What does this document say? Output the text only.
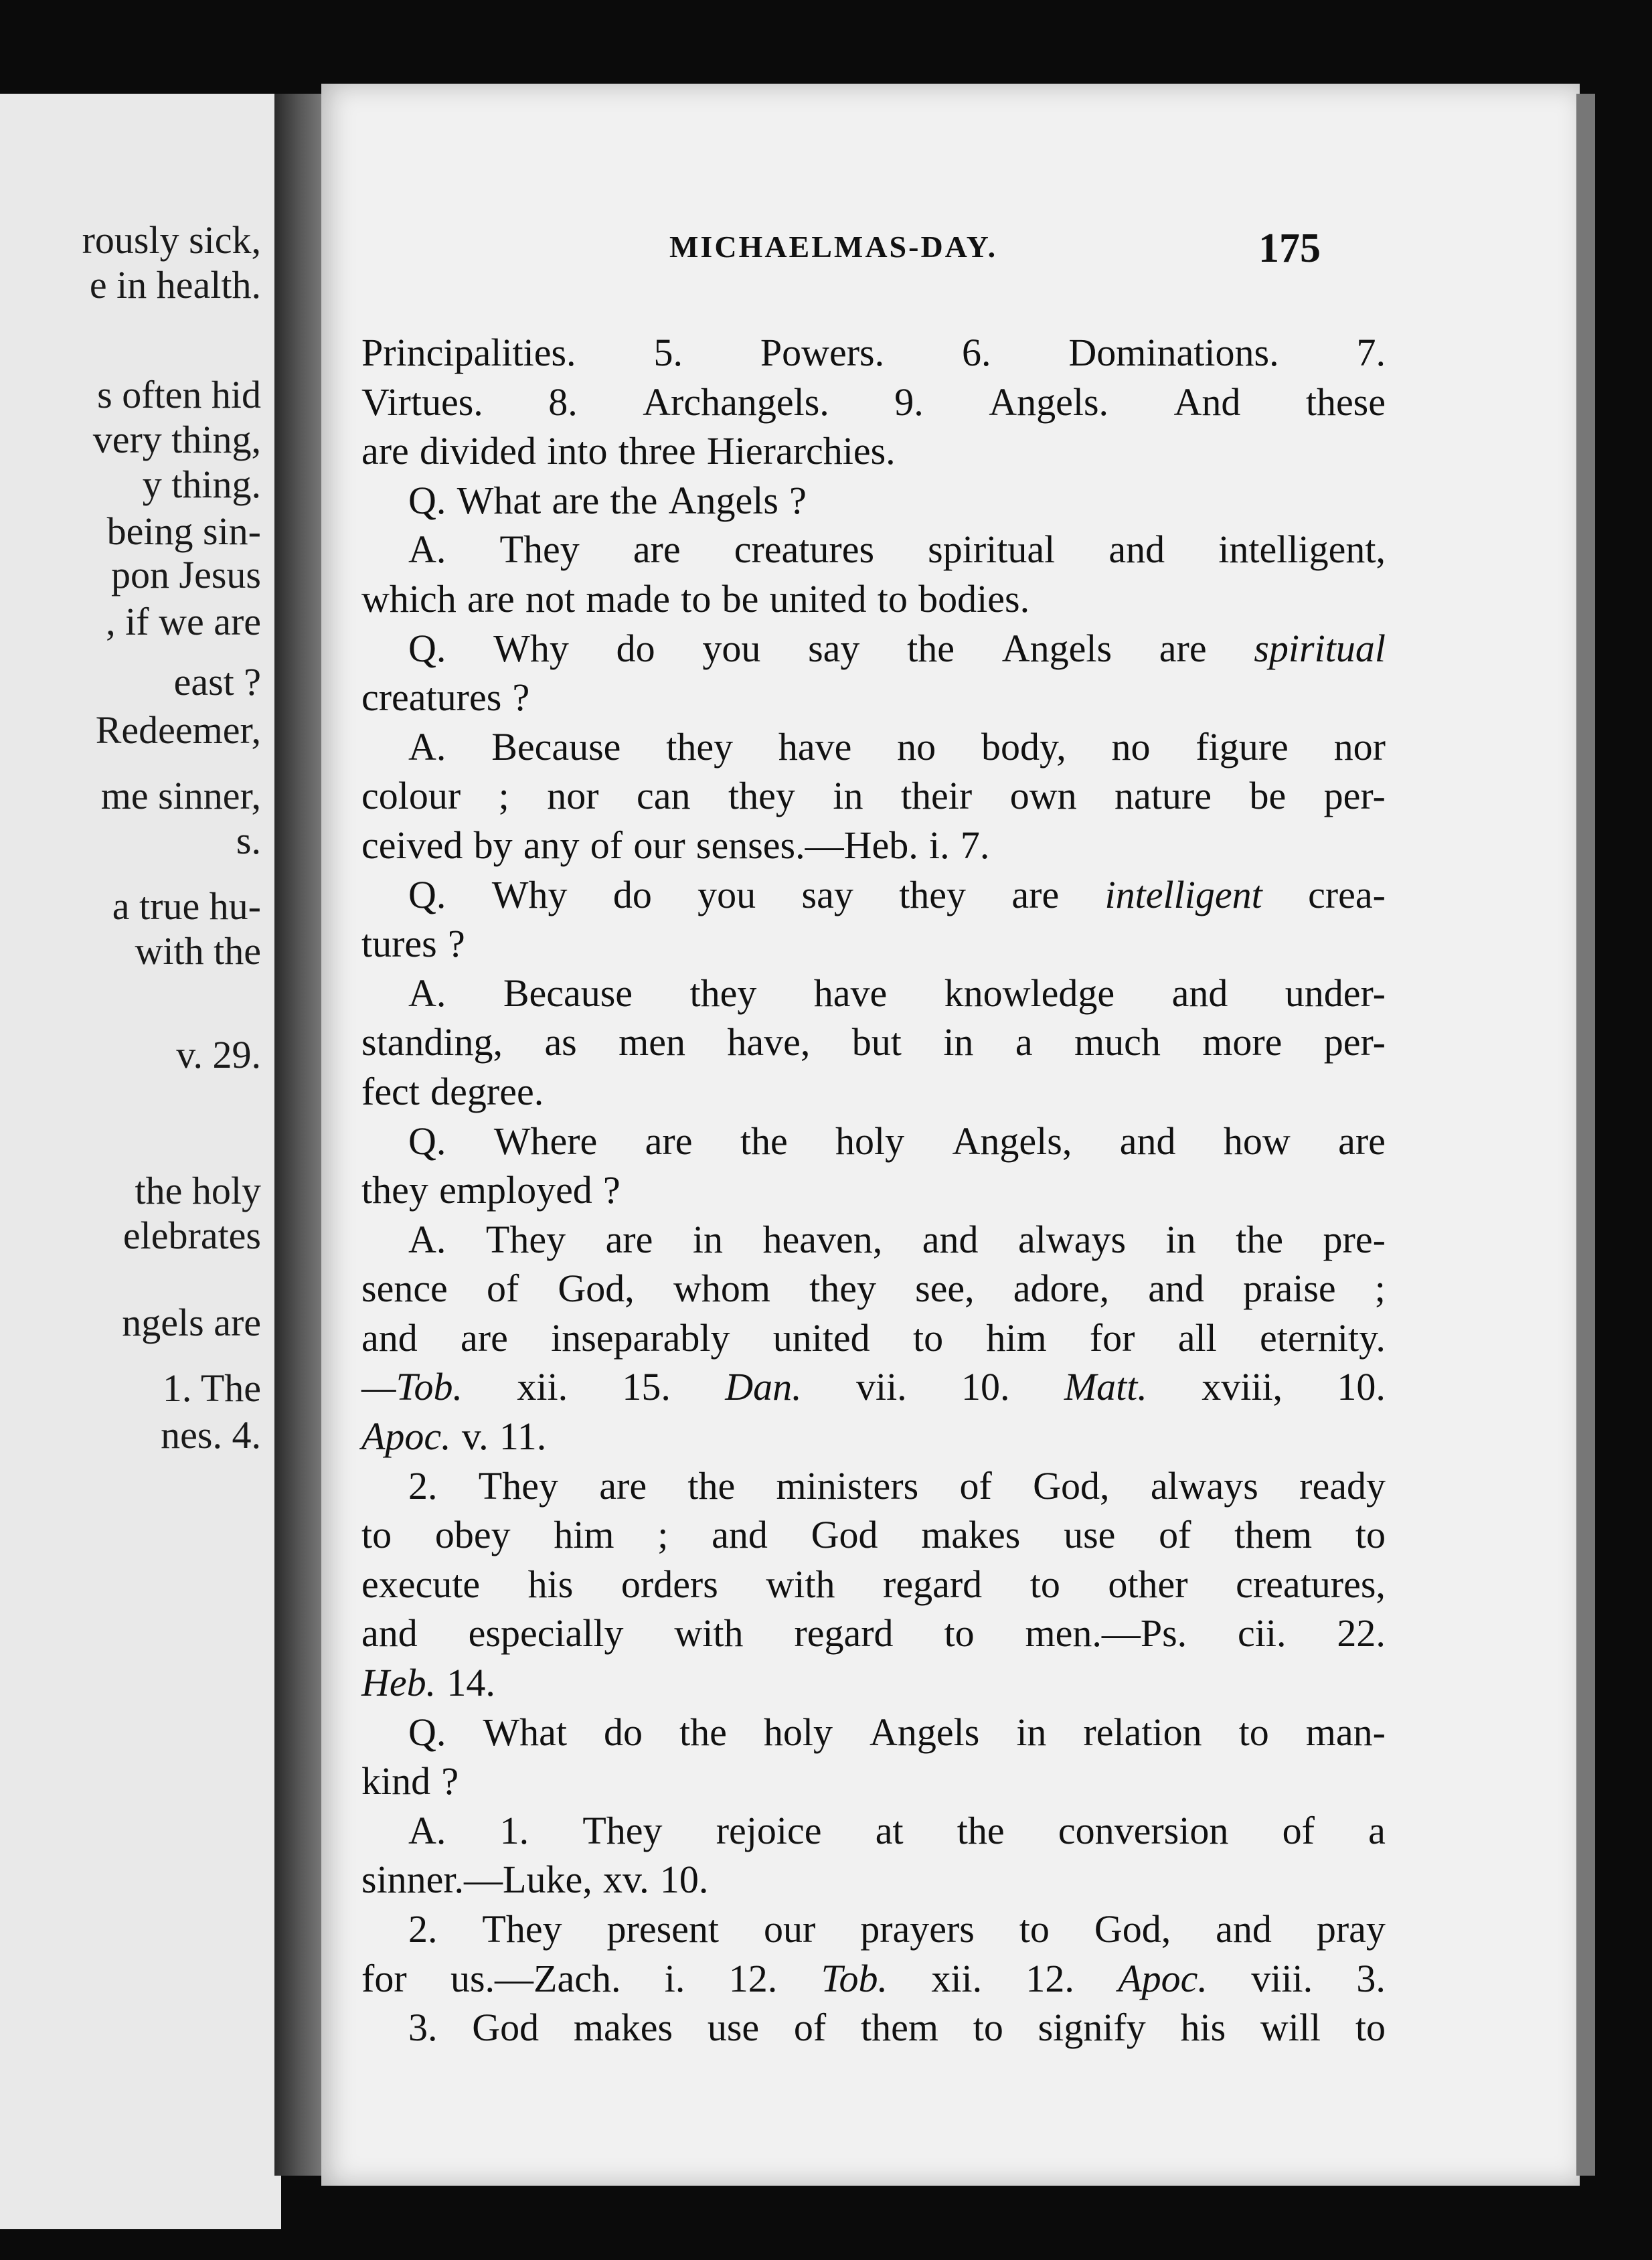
rously sick,
e in health.
s often hid
very thing,
y thing.
being sin-
pon Jesus
, if we are
east ?
Redeemer,
me sinner,
s.
a true hu-
with the
v. 29.
the holy
elebrates
ngels are
1. The
nes. 4.
MICHAELMAS-DAY.	175
Principalities. 5. Powers. 6. Dominations. 7.
Virtues. 8. Archangels. 9. Angels. And these
are divided into three Hierarchies.
Q. What are the Angels ?
A. They are creatures spiritual and intelligent,
which are not made to be united to bodies.
Q. Why do you say the Angels are spiritual
creatures ?
A. Because they have no body, no figure nor
colour ; nor can they in their own nature be per-
ceived by any of our senses.—Heb. i. 7.
Q. Why do you say they are intelligent crea-
tures ?
A. Because they have knowledge and under-
standing, as men have, but in a much more per-
fect degree.
Q. Where are the holy Angels, and how are
they employed ?
A. They are in heaven, and always in the pre-
sence of God, whom they see, adore, and praise ;
and are inseparably united to him for all eternity.
—Tob. xii. 15. Dan. vii. 10. Matt. xviii, 10.
Apoc. v. 11.
2. They are the ministers of God, always ready
to obey him ; and God makes use of them to
execute his orders with regard to other creatures,
and especially with regard to men.—Ps. cii. 22.
Heb. 14.
Q. What do the holy Angels in relation to man-
kind ?
A. 1. They rejoice at the conversion of a
sinner.—Luke, xv. 10.
2. They present our prayers to God, and pray
for us.—Zach. i. 12. Tob. xii. 12. Apoc. viii. 3.
3. God makes use of them to signify his will to
